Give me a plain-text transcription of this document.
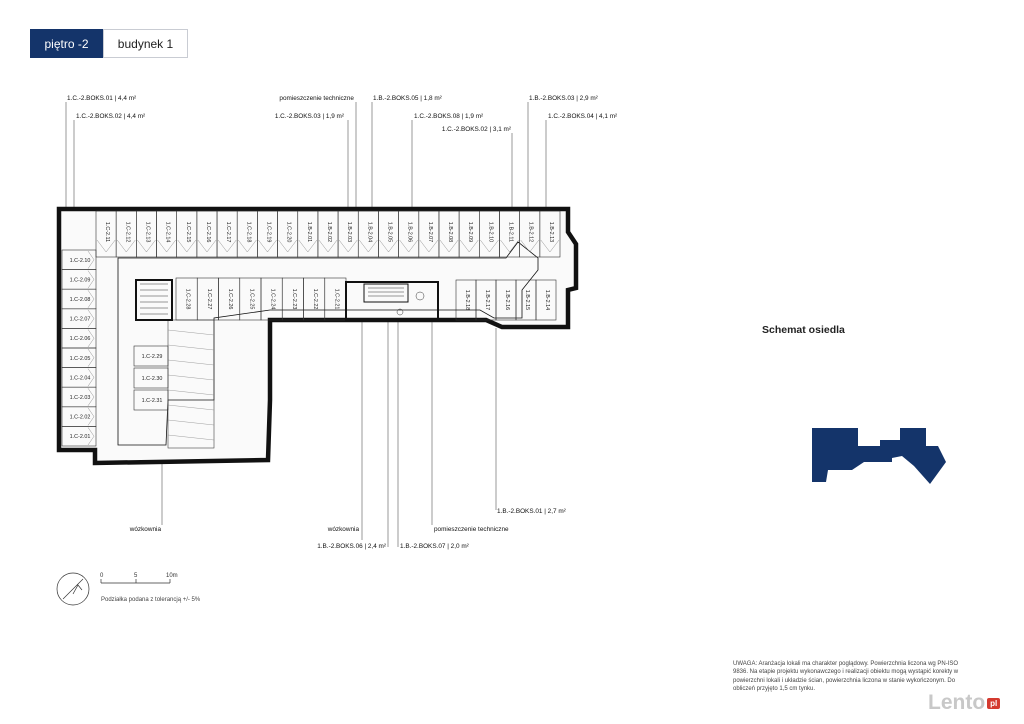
piętro -2	budynek 1
1.C-2.11	1.C-2.12	1.C-2.13	1.C-2.14	1.C-2.15	1.C-2.16	1.C-2.17	1.C-2.18	1.C-2.19	1.C-2.20	1.B-2.01	1.B-2.02	1.B-2.03	1.B-2.04	1.B-2.05	1.B-2.06	1.B-2.07	1.B-2.08	1.B-2.09	1.B-2.10	1.B-2.11	1.B-2.12	1.B-2.13
1.C-2.10
1.C-2.09
1.C-2.08
1.C-2.07
1.C-2.06
1.C-2.05
1.C-2.04
1.C-2.03
1.C-2.02
1.C-2.01
1.C-2.28	1.C-2.27	1.C-2.26	1.C-2.25	1.C-2.24	1.C-2.23	1.C-2.22	1.C-2.21	1.B-2.18	1.B-2.17	1.B-2.16	1.B-2.15	1.B-2.14
1.C-2.29
1.C-2.30
1.C-2.31
1.C.-2.BOKS.01 | 4,4 m²
1.C.-2.BOKS.02 | 4,4 m²
pomieszczenie techniczne
1.C.-2.BOKS.03 | 1,9 m²
1.B.-2.BOKS.05 | 1,8 m²
1.C.-2.BOKS.08 | 1,9 m²
1.C.-2.BOKS.02 | 3,1 m²
1.B.-2.BOKS.03 | 2,9 m²
1.C.-2.BOKS.04 | 4,1 m²
1.B.-2.BOKS.01 | 2,7 m²
wózkownia	wózkownia	pomieszczenie techniczne
1.B.-2.BOKS.06 | 2,4 m² 1.B.-2.BOKS.07 | 2,0 m²
0	5	10m
Schemat osiedla
Podziałka podana z tolerancją +/- 5%
UWAGA: Aranżacja lokali ma charakter poglądowy. Powierzchnia liczona wg PN-ISO 9836. Na etapie projektu wykonawczego i realizacji obiektu mogą wystąpić korekty w powierzchni lokali i układzie ścian, powierzchnia liczona w stanie wykończonym. Do obliczeń przyjęto 1,5 cm tynku.
Lento pl
